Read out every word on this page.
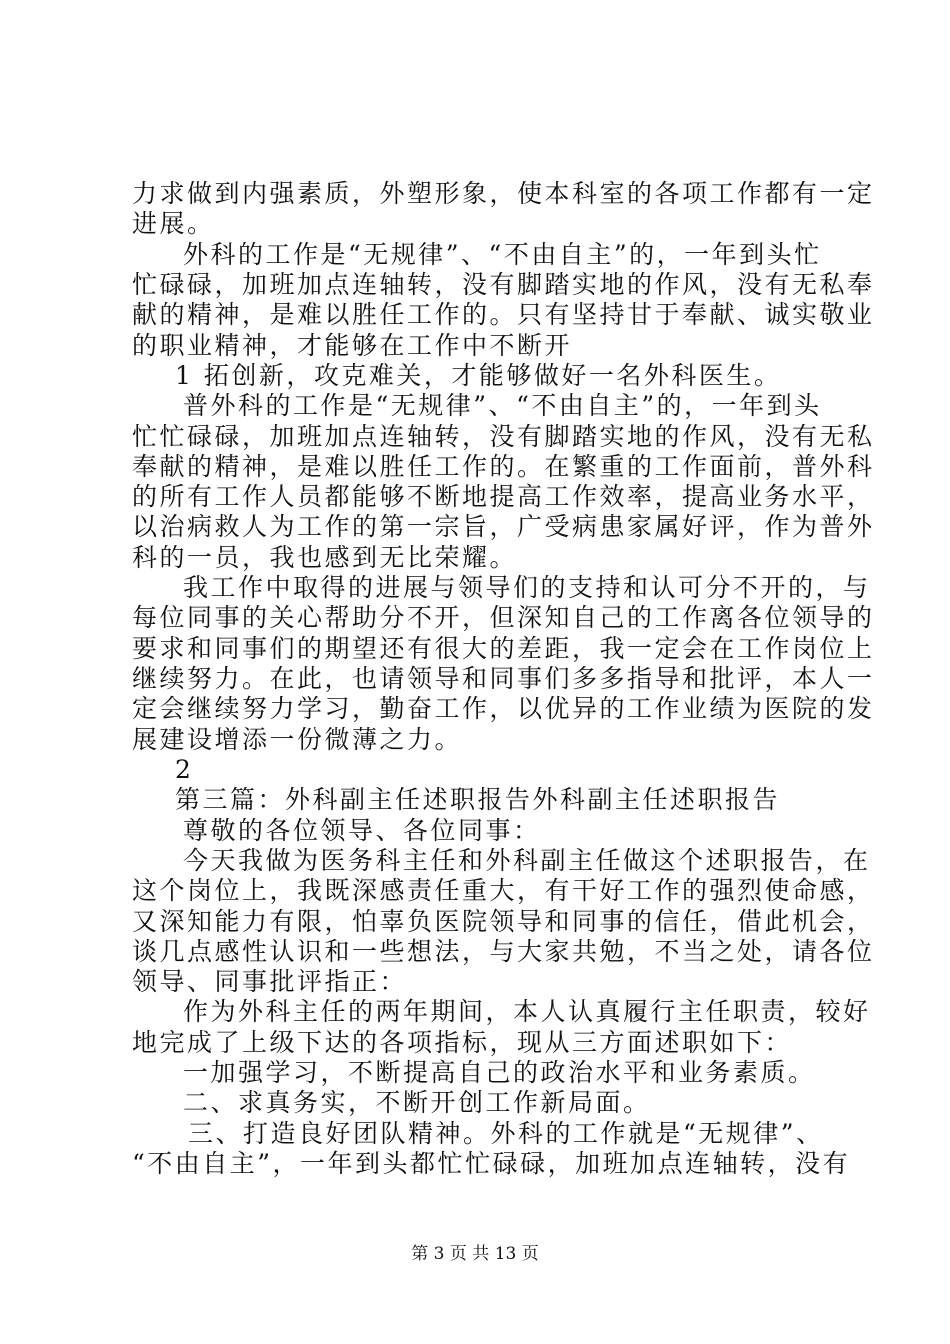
力求做到内强素质，外塑形象，使本科室的各项工作都有一定
进展。
外科的工作是“无规律”、“不由自主”的，一年到头忙
忙碌碌，加班加点连轴转，没有脚踏实地的作风，没有无私奉
献的精神，是难以胜任工作的。只有坚持甘于奉献、诚实敬业
的职业精神，才能够在工作中不断开
1 拓创新，攻克难关，才能够做好一名外科医生。
普外科的工作是“无规律”、“不由自主”的，一年到头
忙忙碌碌，加班加点连轴转，没有脚踏实地的作风，没有无私
奉献的精神，是难以胜任工作的。在繁重的工作面前，普外科
的所有工作人员都能够不断地提高工作效率，提高业务水平，
以治病救人为工作的第一宗旨，广受病患家属好评，作为普外
科的一员，我也感到无比荣耀。
我工作中取得的进展与领导们的支持和认可分不开的，与
每位同事的关心帮助分不开，但深知自己的工作离各位领导的
要求和同事们的期望还有很大的差距，我一定会在工作岗位上
继续努力。在此，也请领导和同事们多多指导和批评，本人一
定会继续努力学习，勤奋工作，以优异的工作业绩为医院的发
展建设增添一份微薄之力。
2
第三篇：外科副主任述职报告外科副主任述职报告
尊敬的各位领导、各位同事：
今天我做为医务科主任和外科副主任做这个述职报告，在
这个岗位上，我既深感责任重大，有干好工作的强烈使命感，
又深知能力有限，怕辜负医院领导和同事的信任，借此机会，
谈几点感性认识和一些想法，与大家共勉，不当之处，请各位
领导、同事批评指正：
作为外科主任的两年期间，本人认真履行主任职责，较好
地完成了上级下达的各项指标，现从三方面述职如下：
一加强学习，不断提高自己的政治水平和业务素质。
二、求真务实，不断开创工作新局面。
三、打造良好团队精神。外科的工作就是“无规律”、
“不由自主”，一年到头都忙忙碌碌，加班加点连轴转，没有
第 3 页 共 13 页
